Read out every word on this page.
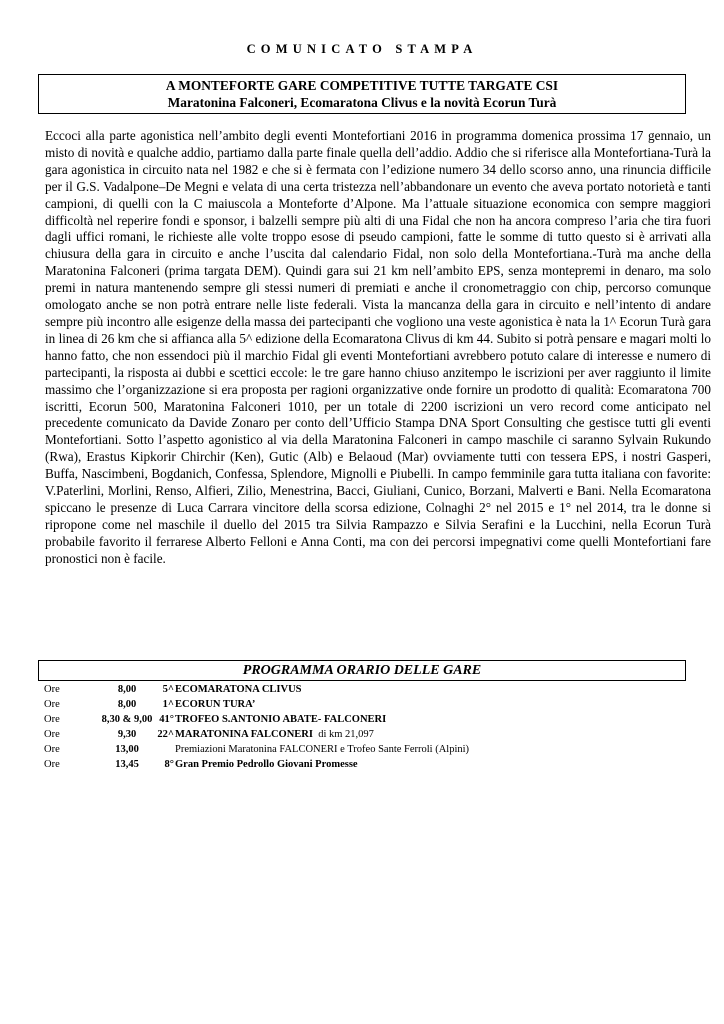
COMUNICATO STAMPA
A MONTEFORTE GARE COMPETITIVE TUTTE TARGATE CSI
Maratonina Falconeri, Ecomaratona Clivus e la novità Ecorun Turà

Eccoci alla parte agonistica nell’ambito degli eventi Montefortiani 2016 in programma domenica prossima 17 gennaio, un misto di novità e qualche addio, partiamo dalla parte finale quella dell’addio. Addio che si riferisce alla Montefortiana-Turà la gara agonistica in circuito nata nel 1982 e che si è fermata con l’edizione numero 34 dello scorso anno, una rinuncia difficile per il G.S. Vadalpone–De Megni e velata di una certa tristezza nell’abbandonare un evento che aveva portato notorietà e tanti campioni, di quelli con la C maiuscola a Monteforte d’Alpone. Ma l’attuale situazione economica con sempre maggiori difficoltà nel reperire fondi e sponsor, i balzelli sempre più alti di una Fidal che non ha ancora compreso l’aria che tira fuori dagli uffici romani, le richieste alle volte troppo esose di pseudo campioni, fatte le somme di tutto questo si è arrivati alla chiusura della gara in circuito e anche l’uscita dal calendario Fidal, non solo della Montefortiana.-Turà ma anche della Maratonina Falconeri (prima targata DEM). Quindi gara sui 21 km nell’ambito EPS, senza montepremi in denaro, ma solo premi in natura mantenendo sempre gli stessi numeri di premiati e anche il cronometraggio con chip, percorso comunque omologato anche se non potrà entrare nelle liste federali. Vista la mancanza della gara in circuito e nell’intento di andare sempre più incontro alle esigenze della massa dei partecipanti che vogliono una veste agonistica è nata la 1^ Ecorun Turà gara in linea di 26 km che si affianca alla 5^ edizione della Ecomaratona Clivus di km 44. Subito si potrà pensare e magari molti lo hanno fatto, che non essendoci più il marchio Fidal gli eventi Montefortiani avrebbero potuto calare di interesse e numero di partecipanti, la risposta ai dubbi e scettici eccole: le tre gare hanno chiuso anzitempo le iscrizioni per aver raggiunto il limite massimo che l’organizzazione si era proposta per ragioni organizzative onde fornire un prodotto di qualità: Ecomaratona 700 iscritti, Ecorun 500, Maratonina Falconeri 1010, per un totale di 2200 iscrizioni un vero record come anticipato nel precedente comunicato da Davide Zonaro per conto dell’Ufficio Stampa DNA Sport Consulting che gestisce tutti gli eventi Montefortiani. Sotto l’aspetto agonistico al via della Maratonina Falconeri in campo maschile ci saranno Sylvain Rukundo (Rwa), Erastus Kipkorir Chirchir (Ken), Gutic (Alb) e Belaoud (Mar) ovviamente tutti con tessera EPS, i nostri Gasperi, Buffa, Nascimbeni, Bogdanich, Confessa, Splendore, Mignolli e Piubelli. In campo femminile gara tutta italiana con favorite: V.Paterlini, Morlini, Renso, Alfieri, Zilio, Menestrina, Bacci, Giuliani, Cunico, Borzani, Malverti e Bani. Nella Ecomaratona spiccano le presenze di Luca Carrara vincitore della scorsa edizione, Colnaghi 2° nel 2015 e 1° nel 2014, tra le donne si ripropone come nel maschile il duello del 2015 tra Silvia Rampazzo e Silvia Serafini e la Lucchini, nella Ecorun Turà probabile favorito il ferrarese Alberto Felloni e Anna Conti, ma con dei percorsi impegnativi come quelli Montefortiani fare pronostici non è facile.

PROGRAMMA ORARIO DELLE GARE
Ore	8,00	5^ ECOMARATONA CLIVUS
Ore	8,00	1^ ECORUN TURA’
Ore	8,30 & 9,00 41° TROFEO S.ANTONIO ABATE- FALCONERI
Ore	9,30	22^ MARATONINA FALCONERI di km 21,097
Ore	13,00	Premiazioni Maratonina FALCONERI e Trofeo Sante Ferroli (Alpini)
Ore	13,45	8° Gran Premio Pedrollo Giovani Promesse
